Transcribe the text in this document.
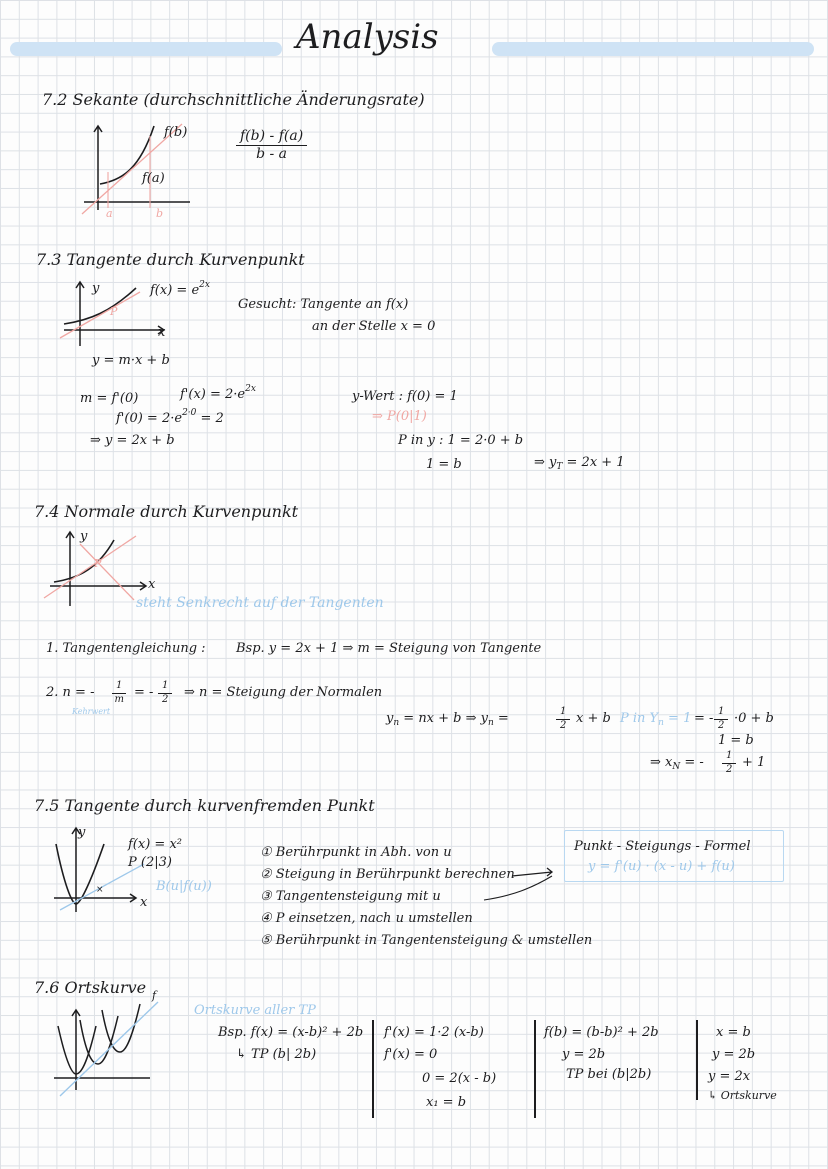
Analysis
7.2 Sekante (durchschnittliche Änderungsrate)
f(b)
f(a)
a	b
$\frac{f(b) - f(a)}{b - a}$
7.3 Tangente durch Kurvenpunkt
$f(x) = e^{2x}$
y
x
P
y = m·x + b
Gesucht: Tangente an f(x)
an der Stelle x = 0
m = f'(0)	$f'(x) = 2\cdot e^{2x}$
$f'(0) = 2\cdot e^{2\cdot 0} = 2$
⇒ y = 2x + b
y-Wert : f(0) = 1
⇒ P(0|1)
P in y : 1 = 2·0 + b
1 = b	⇒ $y_T = 2x + 1$
7.4 Normale durch Kurvenpunkt
y
x
P
steht Senkrecht auf der Tangenten
1. Tangentengleichung : Bsp. y = 2x + 1 ⇒ m = Steigung von Tangente
2. n = - $\frac{1}{m}$ = - $\frac{1}{2}$ ⇒ n = Steigung der Normalen
Kehrwert	$y_n$ = nx + b ⇒ $y_n$ =	$\frac{1}{2}$ x + b P in $Y_n = 1$ = - $\frac{1}{2} \cdot 0 + b$
1 = b
⇒ $x_N$ = - $\frac{1}{2} + 1$
7.5 Tangente durch kurvenfremden Punkt
×
y
x
f(x) = x²
P (2|3)
B(u|f(u))
① Berührpunkt in Abh. von u
② Steigung in Berührpunkt berechnen
③ Tangentensteigung mit u
④ P einsetzen, nach u umstellen
⑤ Berührpunkt in Tangentensteigung & umstellen
Punkt - Steigungs - Formel
y = f'(u) · (x - u) + f(u)
7.6 Ortskurve f
Ortskurve aller TP
Bsp. f(x) = (x-b)² + 2b
↳ TP (b| 2b)
f'(x) = 1·2 (x-b)
f'(x) = 0
0 = 2(x - b)
x₁ = b
f(b) = (b-b)² + 2b
y = 2b
TP bei (b|2b)
x = b
y = 2b
y = 2x
↳ Ortskurve
